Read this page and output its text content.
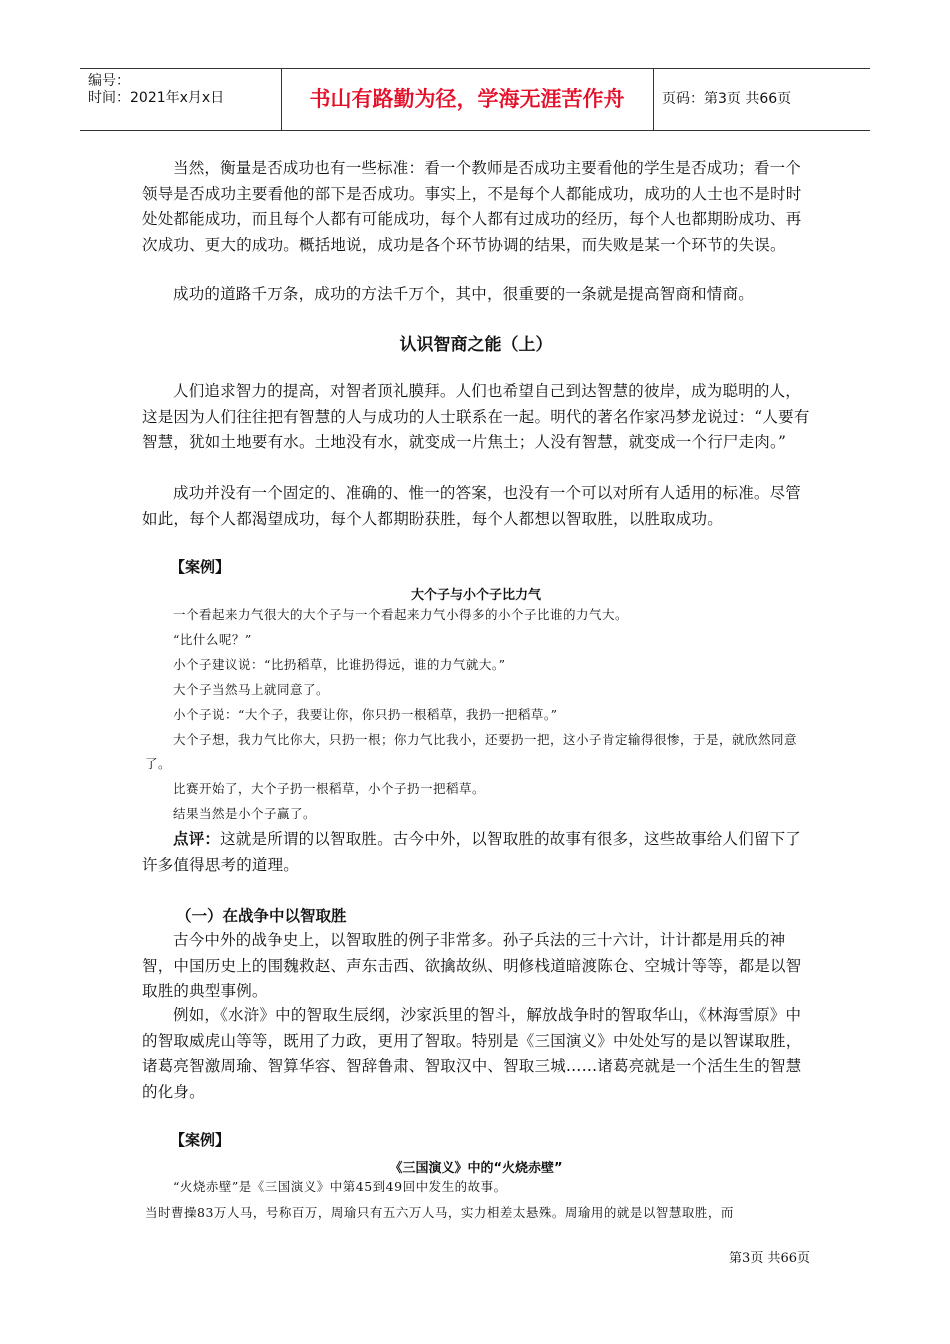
编号：
时间：2021年x月x日	书山有路勤为径，学海无涯苦作舟	页码：第3页 共66页

当然，衡量是否成功也有一些标准：看一个教师是否成功主要看他的学生是否成功；看一个领导是否成功主要看他的部下是否成功。事实上，不是每个人都能成功，成功的人士也不是时时处处都能成功，而且每个人都有可能成功，每个人都有过成功的经历，每个人也都期盼成功、再次成功、更大的成功。概括地说，成功是各个环节协调的结果，而失败是某一个环节的失误。

成功的道路千万条，成功的方法千万个，其中，很重要的一条就是提高智商和情商。

认识智商之能（上）

人们追求智力的提高，对智者顶礼膜拜。人们也希望自己到达智慧的彼岸，成为聪明的人，这是因为人们往往把有智慧的人与成功的人士联系在一起。明代的著名作家冯梦龙说过：“人要有智慧，犹如土地要有水。土地没有水，就变成一片焦土；人没有智慧，就变成一个行尸走肉。”

成功并没有一个固定的、准确的、惟一的答案，也没有一个可以对所有人适用的标准。尽管如此，每个人都渴望成功，每个人都期盼获胜，每个人都想以智取胜，以胜取成功。

【案例】
大个子与小个子比力气

一个看起来力气很大的大个子与一个看起来力气小得多的小个子比谁的力气大。

“比什么呢？”

小个子建议说：“比扔稻草，比谁扔得远，谁的力气就大。”

大个子当然马上就同意了。

小个子说：“大个子，我要让你，你只扔一根稻草，我扔一把稻草。”

大个子想，我力气比你大，只扔一根；你力气比我小，还要扔一把，这小子肯定输得很惨，于是，就欣然同意了。

比赛开始了，大个子扔一根稻草，小个子扔一把稻草。

结果当然是小个子赢了。

点评：这就是所谓的以智取胜。古今中外，以智取胜的故事有很多，这些故事给人们留下了许多值得思考的道理。

（一）在战争中以智取胜

古今中外的战争史上，以智取胜的例子非常多。孙子兵法的三十六计，计计都是用兵的神智，中国历史上的围魏救赵、声东击西、欲擒故纵、明修栈道暗渡陈仓、空城计等等，都是以智取胜的典型事例。

例如，《水浒》中的智取生辰纲，沙家浜里的智斗，解放战争时的智取华山，《林海雪原》中的智取威虎山等等，既用了力政，更用了智取。特别是《三国演义》中处处写的是以智谋取胜，诸葛亮智激周瑜、智算华容、智辞鲁肃、智取汉中、智取三城……诸葛亮就是一个活生生的智慧的化身。

【案例】
《三国演义》中的“火烧赤壁”

“火烧赤壁”是《三国演义》中第45到49回中发生的故事。

当时曹操83万人马，号称百万，周瑜只有五六万人马，实力相差太悬殊。周瑜用的就是以智慧取胜，而

第3页 共66页
